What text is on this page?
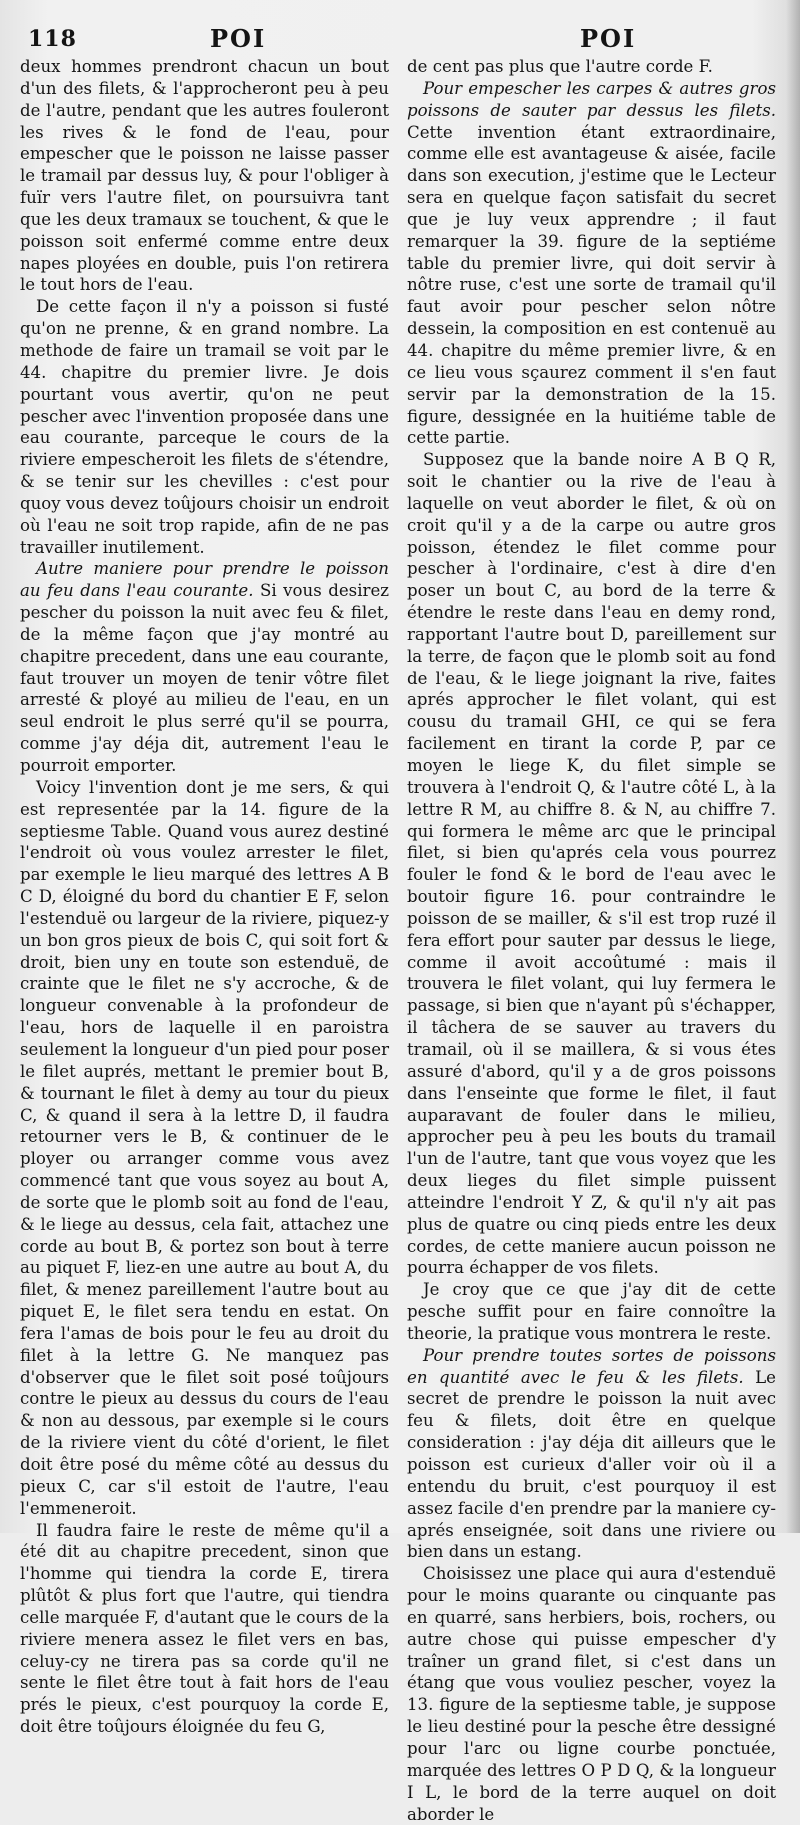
118	POI	POI

deux hommes prendront chacun un bout d'un des filets, & l'approcheront peu à peu de l'autre, pendant que les autres fouleront les rives & le fond de l'eau, pour empescher que le poisson ne laisse passer le tramail par dessus luy, & pour l'obliger à fuïr vers l'autre filet, on poursuivra tant que les deux tramaux se touchent, & que le poisson soit enfermé comme entre deux napes ployées en double, puis l'on retirera le tout hors de l'eau.

De cette façon il n'y a poisson si fusté qu'on ne prenne, & en grand nombre. La methode de faire un tramail se voit par le 44. chapitre du premier livre. Je dois pourtant vous avertir, qu'on ne peut pescher avec l'invention proposée dans une eau courante, parceque le cours de la riviere empescheroit les filets de s'étendre, & se tenir sur les chevilles : c'est pour quoy vous devez toûjours choisir un endroit où l'eau ne soit trop rapide, afin de ne pas travailler inutilement.

Autre maniere pour prendre le poisson au feu dans l'eau courante. Si vous desirez pescher du poisson la nuit avec feu & filet, de la même façon que j'ay montré au chapitre precedent, dans une eau courante, faut trouver un moyen de tenir vôtre filet arresté & ployé au milieu de l'eau, en un seul endroit le plus serré qu'il se pourra, comme j'ay déja dit, autrement l'eau le pourroit emporter.

Voicy l'invention dont je me sers, & qui est representée par la 14. figure de la septiesme Table. Quand vous aurez destiné l'endroit où vous voulez arrester le filet, par exemple le lieu marqué des lettres A B C D, éloigné du bord du chantier E F, selon l'estenduë ou largeur de la riviere, piquez-y un bon gros pieux de bois C, qui soit fort & droit, bien uny en toute son estenduë, de crainte que le filet ne s'y accroche, & de longueur convenable à la profondeur de l'eau, hors de laquelle il en paroistra seulement la longueur d'un pied pour poser le filet auprés, mettant le premier bout B, & tournant le filet à demy au tour du pieux C, & quand il sera à la lettre D, il faudra retourner vers le B, & continuer de le ployer ou arranger comme vous avez commencé tant que vous soyez au bout A, de sorte que le plomb soit au fond de l'eau, & le liege au dessus, cela fait, attachez une corde au bout B, & portez son bout à terre au piquet F, liez-en une autre au bout A, du filet, & menez pareillement l'autre bout au piquet E, le filet sera tendu en estat. On fera l'amas de bois pour le feu au droit du filet à la lettre G. Ne manquez pas d'observer que le filet soit posé toûjours contre le pieux au dessus du cours de l'eau & non au dessous, par exemple si le cours de la riviere vient du côté d'orient, le filet doit être posé du même côté au dessus du pieux C, car s'il estoit de l'autre, l'eau l'emmeneroit.

Il faudra faire le reste de même qu'il a été dit au chapitre precedent, sinon que l'homme qui tiendra la corde E, tirera plûtôt & plus fort que l'autre, qui tiendra celle marquée F, d'autant que le cours de la riviere menera assez le filet vers en bas, celuy-cy ne tirera pas sa corde qu'il ne sente le filet être tout à fait hors de l'eau prés le pieux, c'est pourquoy la corde E, doit être toûjours éloignée du feu G,

de cent pas plus que l'autre corde F.

Pour empescher les carpes & autres gros poissons de sauter par dessus les filets. Cette invention étant extraordinaire, comme elle est avantageuse & aisée, facile dans son execution, j'estime que le Lecteur sera en quelque façon satisfait du secret que je luy veux apprendre ; il faut remarquer la 39. figure de la septiéme table du premier livre, qui doit servir à nôtre ruse, c'est une sorte de tramail qu'il faut avoir pour pescher selon nôtre dessein, la composition en est contenuë au 44. chapitre du même premier livre, & en ce lieu vous sçaurez comment il s'en faut servir par la demonstration de la 15. figure, dessignée en la huitiéme table de cette partie.

Supposez que la bande noire A B Q R, soit le chantier ou la rive de l'eau à laquelle on veut aborder le filet, & où on croit qu'il y a de la carpe ou autre gros poisson, étendez le filet comme pour pescher à l'ordinaire, c'est à dire d'en poser un bout C, au bord de la terre & étendre le reste dans l'eau en demy rond, rapportant l'autre bout D, pareillement sur la terre, de façon que le plomb soit au fond de l'eau, & le liege joignant la rive, faites aprés approcher le filet volant, qui est cousu du tramail GHI, ce qui se fera facilement en tirant la corde P, par ce moyen le liege K, du filet simple se trouvera à l'endroit Q, & l'autre côté L, à la lettre R M, au chiffre 8. & N, au chiffre 7. qui formera le même arc que le principal filet, si bien qu'aprés cela vous pourrez fouler le fond & le bord de l'eau avec le boutoir figure 16. pour contraindre le poisson de se mailler, & s'il est trop ruzé il fera effort pour sauter par dessus le liege, comme il avoit accoûtumé : mais il trouvera le filet volant, qui luy fermera le passage, si bien que n'ayant pû s'échapper, il tâchera de se sauver au travers du tramail, où il se maillera, & si vous étes assuré d'abord, qu'il y a de gros poissons dans l'enseinte que forme le filet, il faut auparavant de fouler dans le milieu, approcher peu à peu les bouts du tramail l'un de l'autre, tant que vous voyez que les deux lieges du filet simple puissent atteindre l'endroit Y Z, & qu'il n'y ait pas plus de quatre ou cinq pieds entre les deux cordes, de cette maniere aucun poisson ne pourra échapper de vos filets.

Je croy que ce que j'ay dit de cette pesche suffit pour en faire connoître la theorie, la pratique vous montrera le reste.

Pour prendre toutes sortes de poissons en quantité avec le feu & les filets. Le secret de prendre le poisson la nuit avec feu & filets, doit être en quelque consideration : j'ay déja dit ailleurs que le poisson est curieux d'aller voir où il a entendu du bruit, c'est pourquoy il est assez facile d'en prendre par la maniere cy-aprés enseignée, soit dans une riviere ou bien dans un estang.

Choisissez une place qui aura d'estenduë pour le moins quarante ou cinquante pas en quarré, sans herbiers, bois, rochers, ou autre chose qui puisse empescher d'y traîner un grand filet, si c'est dans un étang que vous vouliez pescher, voyez la 13. figure de la septiesme table, je suppose le lieu destiné pour la pesche être dessigné pour l'arc ou ligne courbe ponctuée, marquée des lettres O P D Q, & la longueur I L, le bord de la terre auquel on doit aborder le
